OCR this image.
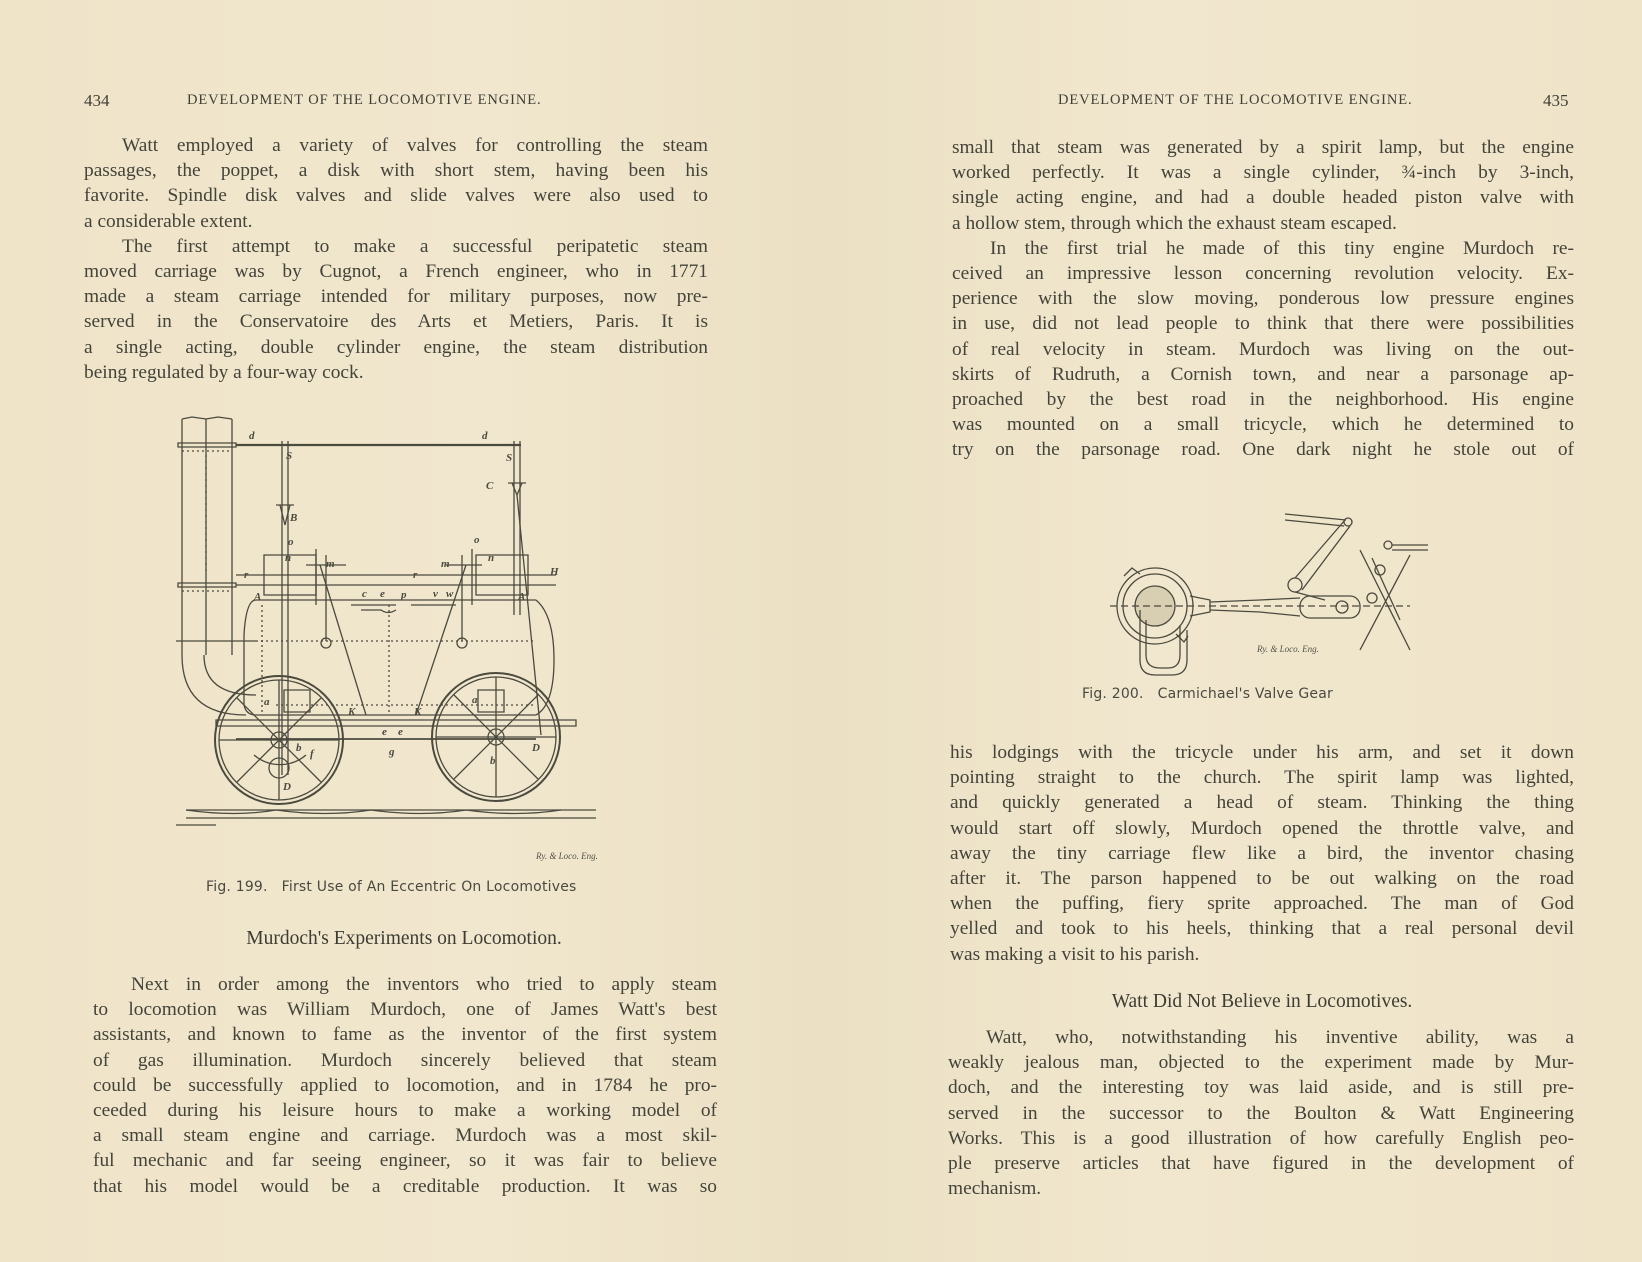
434	DEVELOPMENT OF THE LOCOMOTIVE ENGINE.

Watt employed a variety of valves for controlling the steam
passages, the poppet, a disk with short stem, having been his
favorite. Spindle disk valves and slide valves were also used to
a considerable extent.

The first attempt to make a successful peripatetic steam
moved carriage was by Cugnot, a French engineer, who in 1771
made a steam carriage intended for military purposes, now pre-
served in the Conservatoire des Arts et Metiers, Paris. It is
a single acting, double cylinder engine, the steam distribution
being regulated by a four-way cock.

d	d
S	S
C
B
o	o
n	n
m	m
r	r
A	A
H
c e p v w
a	a
K	K
e e
g
f
b
b
D
D
Ry. & Loco. Eng.
Fig. 199. First Use of An Eccentric On Locomotives
Murdoch's Experiments on Locomotion.

Next in order among the inventors who tried to apply steam
to locomotion was William Murdoch, one of James Watt's best
assistants, and known to fame as the inventor of the first system
of gas illumination. Murdoch sincerely believed that steam
could be successfully applied to locomotion, and in 1784 he pro-
ceeded during his leisure hours to make a working model of
a small steam engine and carriage. Murdoch was a most skil-
ful mechanic and far seeing engineer, so it was fair to believe
that his model would be a creditable production. It was so

DEVELOPMENT OF THE LOCOMOTIVE ENGINE.	435

small that steam was generated by a spirit lamp, but the engine
worked perfectly. It was a single cylinder, ¾-inch by 3-inch,
single acting engine, and had a double headed piston valve with
a hollow stem, through which the exhaust steam escaped.

In the first trial he made of this tiny engine Murdoch re-
ceived an impressive lesson concerning revolution velocity. Ex-
perience with the slow moving, ponderous low pressure engines
in use, did not lead people to think that there were possibilities
of real velocity in steam. Murdoch was living on the out-
skirts of Rudruth, a Cornish town, and near a parsonage ap-
proached by the best road in the neighborhood. His engine
was mounted on a small tricycle, which he determined to
try on the parsonage road. One dark night he stole out of

Ry. & Loco. Eng.
Fig. 200. Carmichael's Valve Gear

his lodgings with the tricycle under his arm, and set it down
pointing straight to the church. The spirit lamp was lighted,
and quickly generated a head of steam. Thinking the thing
would start off slowly, Murdoch opened the throttle valve, and
away the tiny carriage flew like a bird, the inventor chasing
after it. The parson happened to be out walking on the road
when the puffing, fiery sprite approached. The man of God
yelled and took to his heels, thinking that a real personal devil
was making a visit to his parish.

Watt Did Not Believe in Locomotives.

Watt, who, notwithstanding his inventive ability, was a
weakly jealous man, objected to the experiment made by Mur-
doch, and the interesting toy was laid aside, and is still pre-
served in the successor to the Boulton & Watt Engineering
Works. This is a good illustration of how carefully English peo-
ple preserve articles that have figured in the development of
mechanism.
